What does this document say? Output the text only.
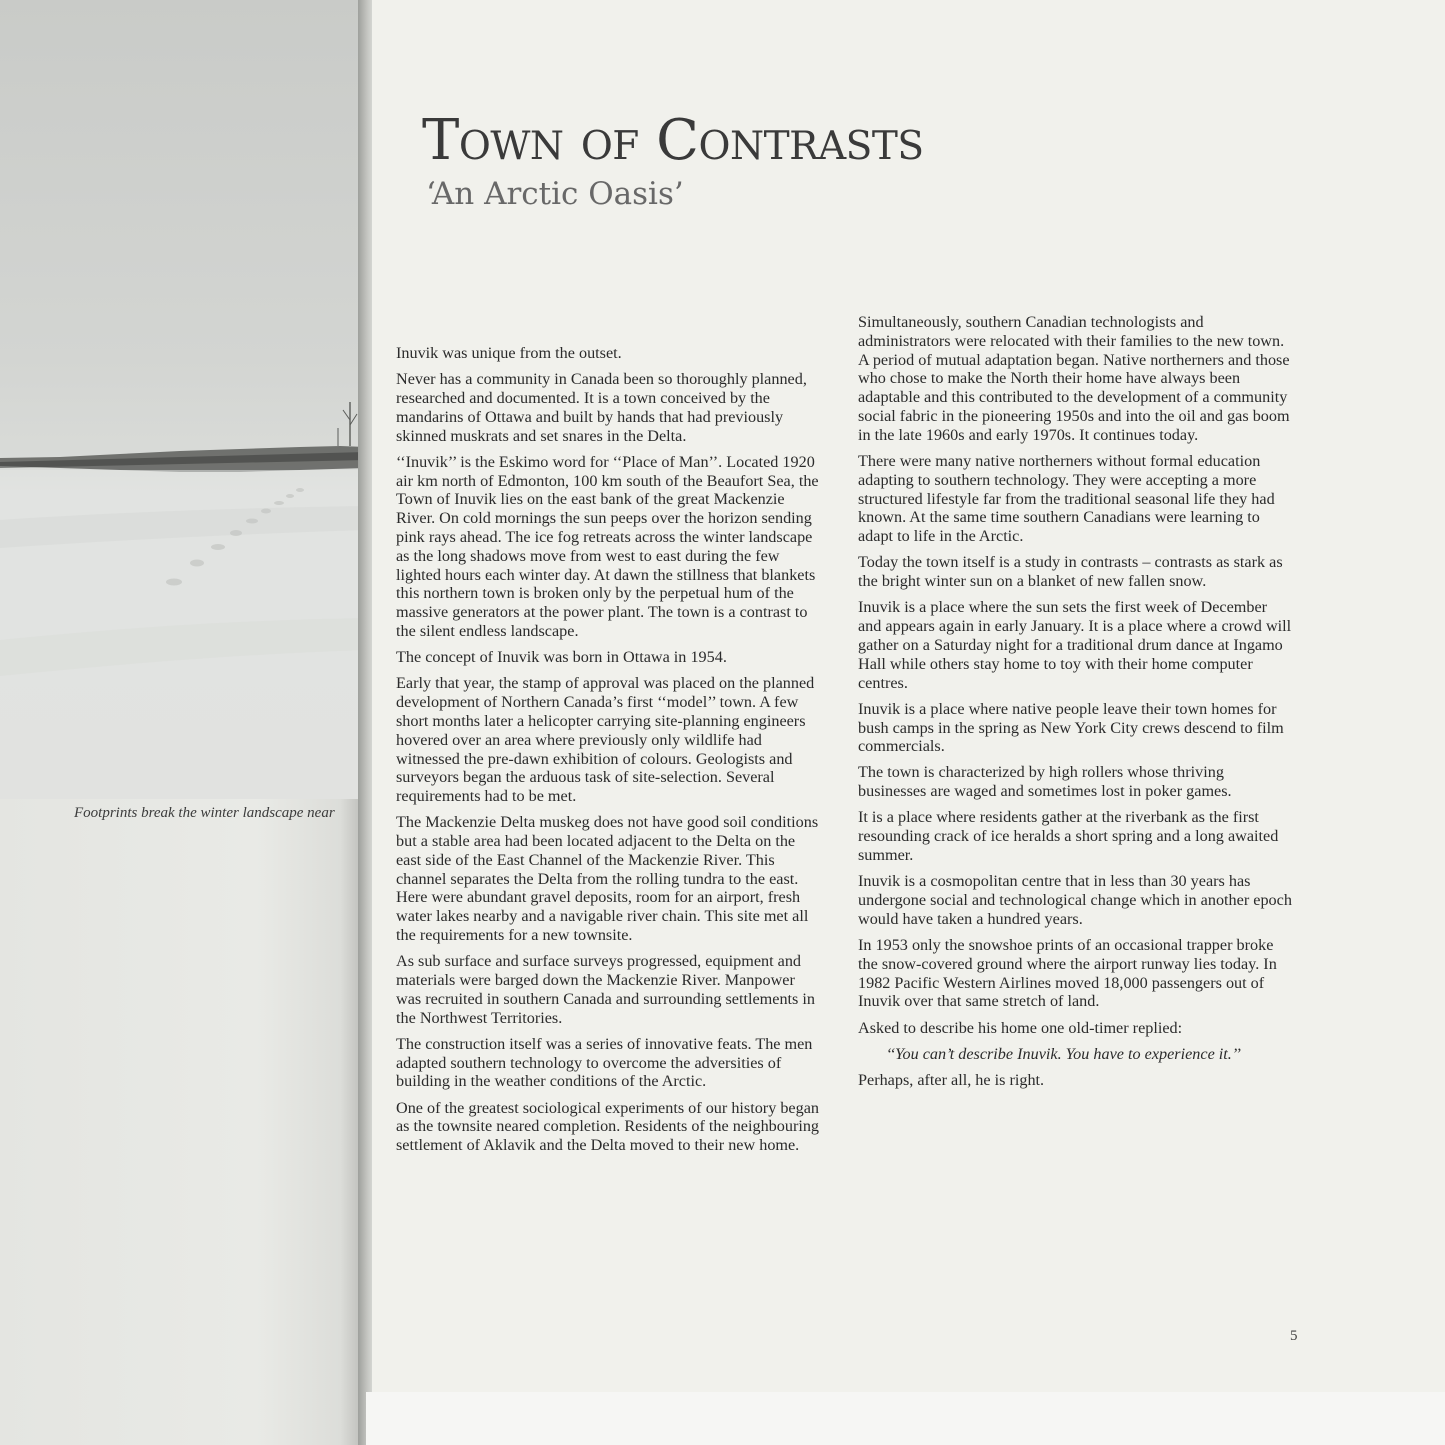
Footprints break the winter landscape near
Town of Contrasts
‘An Arctic Oasis’

Inuvik was unique from the outset.

Never has a community in Canada been so thoroughly planned, researched and documented. It is a town conceived by the mandarins of Ottawa and built by hands that had previously skinned muskrats and set snares in the Delta.

‘‘Inuvik’’ is the Eskimo word for ‘‘Place of Man’’. Located 1920 air km north of Edmonton, 100 km south of the Beaufort Sea, the Town of Inuvik lies on the east bank of the great Mackenzie River. On cold mornings the sun peeps over the horizon sending pink rays ahead. The ice fog retreats across the winter landscape as the long shadows move from west to east during the few lighted hours each winter day. At dawn the stillness that blankets this northern town is broken only by the perpetual hum of the massive generators at the power plant. The town is a contrast to the silent endless landscape.

The concept of Inuvik was born in Ottawa in 1954.

Early that year, the stamp of approval was placed on the planned development of Northern Canada’s first ‘‘model’’ town. A few short months later a helicopter carrying site-planning engineers hovered over an area where previously only wildlife had witnessed the pre-dawn exhibition of colours. Geologists and surveyors began the arduous task of site-selection. Several requirements had to be met.

The Mackenzie Delta muskeg does not have good soil conditions but a stable area had been located adjacent to the Delta on the east side of the East Channel of the Mackenzie River. This channel separates the Delta from the rolling tundra to the east. Here were abundant gravel deposits, room for an airport, fresh water lakes nearby and a navigable river chain. This site met all the requirements for a new townsite.

As sub surface and surface surveys progressed, equipment and materials were barged down the Mackenzie River. Manpower was recruited in southern Canada and surrounding settlements in the Northwest Territories.

The construction itself was a series of innovative feats. The men adapted southern technology to overcome the adversities of building in the weather conditions of the Arctic.

One of the greatest sociological experiments of our history began as the townsite neared completion. Residents of the neighbouring settlement of Aklavik and the Delta moved to their new home.

Simultaneously, southern Canadian technologists and administrators were relocated with their families to the new town. A period of mutual adaptation began. Native northerners and those who chose to make the North their home have always been adaptable and this contributed to the development of a community social fabric in the pioneering 1950s and into the oil and gas boom in the late 1960s and early 1970s. It continues today.

There were many native northerners without formal education adapting to southern technology. They were accepting a more structured lifestyle far from the traditional seasonal life they had known. At the same time southern Canadians were learning to adapt to life in the Arctic.

Today the town itself is a study in contrasts – contrasts as stark as the bright winter sun on a blanket of new fallen snow.

Inuvik is a place where the sun sets the first week of December and appears again in early January. It is a place where a crowd will gather on a Saturday night for a traditional drum dance at Ingamo Hall while others stay home to toy with their home computer centres.

Inuvik is a place where native people leave their town homes for bush camps in the spring as New York City crews descend to film commercials.

The town is characterized by high rollers whose thriving businesses are waged and sometimes lost in poker games.

It is a place where residents gather at the riverbank as the first resounding crack of ice heralds a short spring and a long awaited summer.

Inuvik is a cosmopolitan centre that in less than 30 years has undergone social and technological change which in another epoch would have taken a hundred years.

In 1953 only the snowshoe prints of an occasional trapper broke the snow-covered ground where the airport runway lies today. In 1982 Pacific Western Airlines moved 18,000 passengers out of Inuvik over that same stretch of land.

Asked to describe his home one old-timer replied:

‘‘You can’t describe Inuvik. You have to experience it.’’

Perhaps, after all, he is right.

5
